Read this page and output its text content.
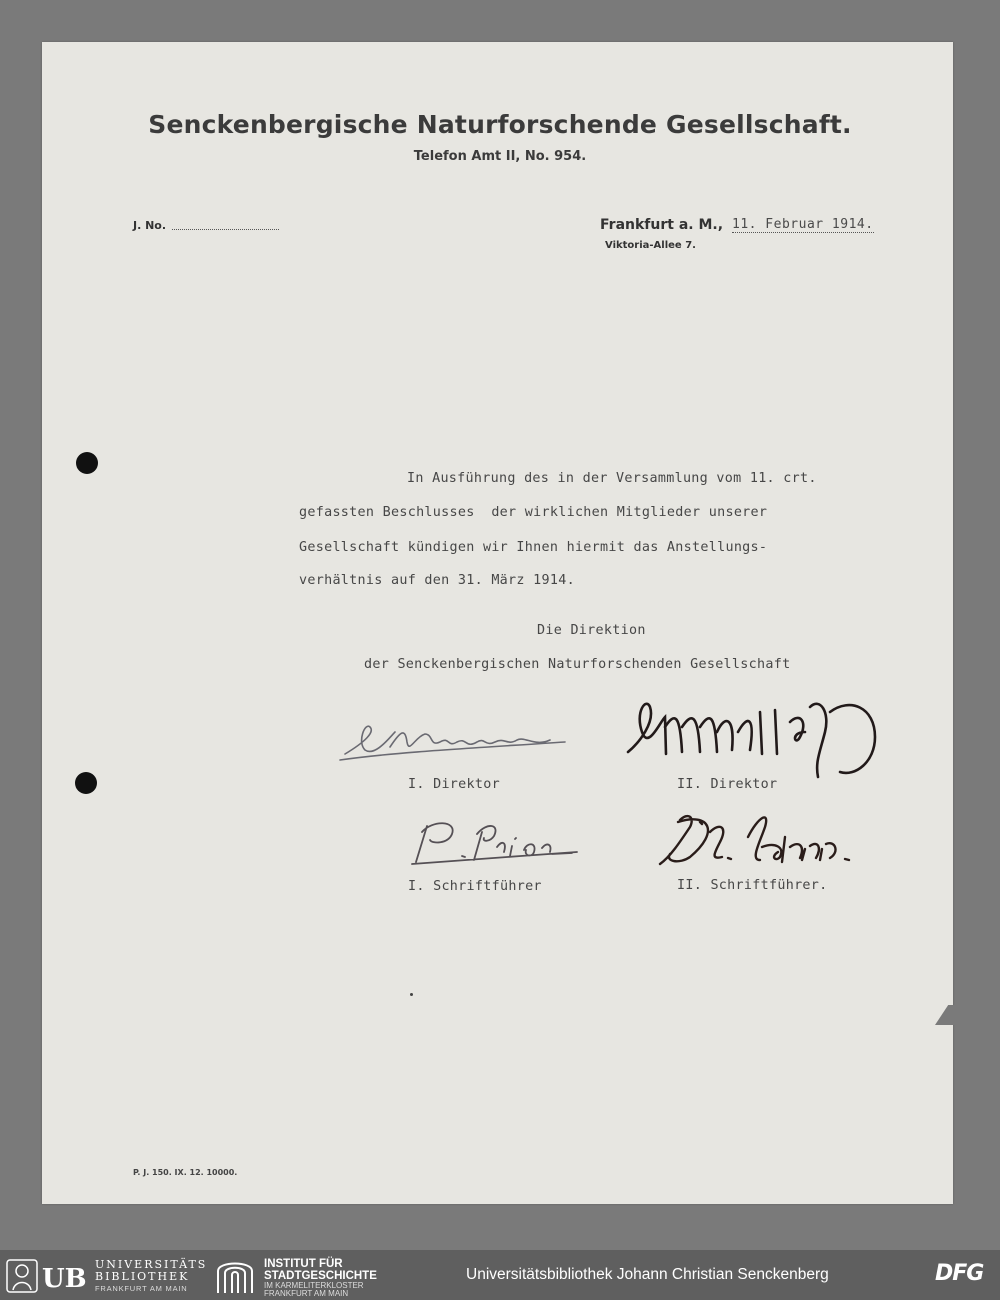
Senckenbergische Naturforschende Gesellschaft.
Telefon Amt II, No. 954.
J. No.	Frankfurt a. M., 11. Februar 1914.
Viktoria-Allee 7.
In Ausführung des in der Versammlung vom 11. crt.
gefassten Beschlusses  der wirklichen Mitglieder unserer
Gesellschaft kündigen wir Ihnen hiermit das Anstellungs-
verhältnis auf den 31. März 1914.
Die Direktion
der Senckenbergischen Naturforschenden Gesellschaft
I. Direktor	II. Direktor
I. Schriftführer	II. Schriftführer.
P. J. 150. IX. 12. 10000.
UB UNIVERSITÄTS
BIBLIOTHEK
FRANKFURT AM MAIN
INSTITUT FÜR
STADTGESCHICHTE
IM KARMELITERKLOSTER
FRANKFURT AM MAIN
Universitätsbibliothek Johann Christian Senckenberg	DFG
